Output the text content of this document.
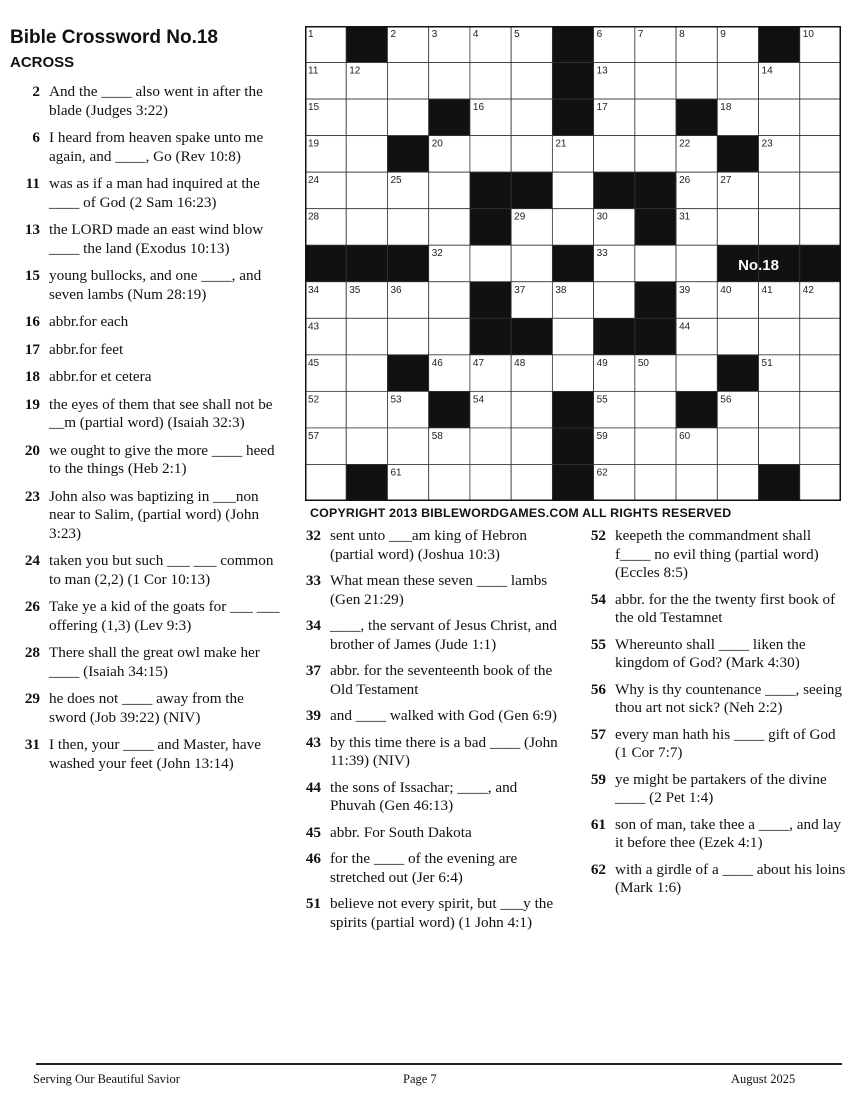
Bible Crossword No.18
ACROSS
2 And the ____ also went in after the blade (Judges 3:22)
6 I heard from heaven spake unto me again, and ____, Go (Rev 10:8)
11 was as if a man had inquired at the ____ of God (2 Sam 16:23)
13 the LORD made an east wind blow ____ the land (Exodus 10:13)
15 young bullocks, and one ____, and seven lambs (Num 28:19)
16 abbr.for each
17 abbr.for feet
18 abbr.for et cetera
19 the eyes of them that see shall not be __m (partial word) (Isaiah 32:3)
20 we ought to give the more ____ heed to the things (Heb 2:1)
23 John also was baptizing in ___non near to Salim, (partial word) (John 3:23)
24 taken you but such ___ ___ common to man (2,2) (1 Cor 10:13)
26 Take ye a kid of the goats for ___ ___ offering (1,3) (Lev 9:3)
28 There shall the great owl make her ____ (Isaiah 34:15)
29 he does not ____ away from the sword (Job 39:22) (NIV)
31 I then, your ____ and Master, have washed your feet (John 13:14)
1	2	3	4	5	6	7	8	9	10
11	12	13	14
15	16	17	18
19	20	21	22	23
24	25	26	27
28	29	30	31
32	33
34	35	36	37	38	39	40	41	42
43	44
45	46	47	48	49	50	51
52	53	54	55	56
57	58	59	60
61	62
No.18
COPYRIGHT 2013 BIBLEWORDGAMES.COM ALL RIGHTS RESERVED
32 sent unto ___am king of Hebron (partial word) (Joshua 10:3)
33 What mean these seven ____ lambs (Gen 21:29)
34 ____, the servant of Jesus Christ, and brother of James (Jude 1:1)
37 abbr. for the seventeenth book of the Old Testament
39 and ____ walked with God (Gen 6:9)
43 by this time there is a bad ____ (John 11:39) (NIV)
44 the sons of Issachar; ____, and Phuvah (Gen 46:13)
45 abbr. For South Dakota
46 for the ____ of the evening are stretched out (Jer 6:4)
51 believe not every spirit, but ___y the spirits (partial word) (1 John 4:1)
52 keepeth the commandment shall f____ no evil thing (partial word) (Eccles 8:5)
54 abbr. for the the twenty first book of the old Testamnet
55 Whereunto shall ____ liken the kingdom of God? (Mark 4:30)
56 Why is thy countenance ____, seeing thou art not sick? (Neh 2:2)
57 every man hath his ____ gift of God (1 Cor 7:7)
59 ye might be partakers of the divine ____ (2 Pet 1:4)
61 son of man, take thee a ____, and lay it before thee (Ezek 4:1)
62 with a girdle of a ____ about his loins (Mark 1:6)
Serving Our Beautiful Savior	Page 7	August 2025
